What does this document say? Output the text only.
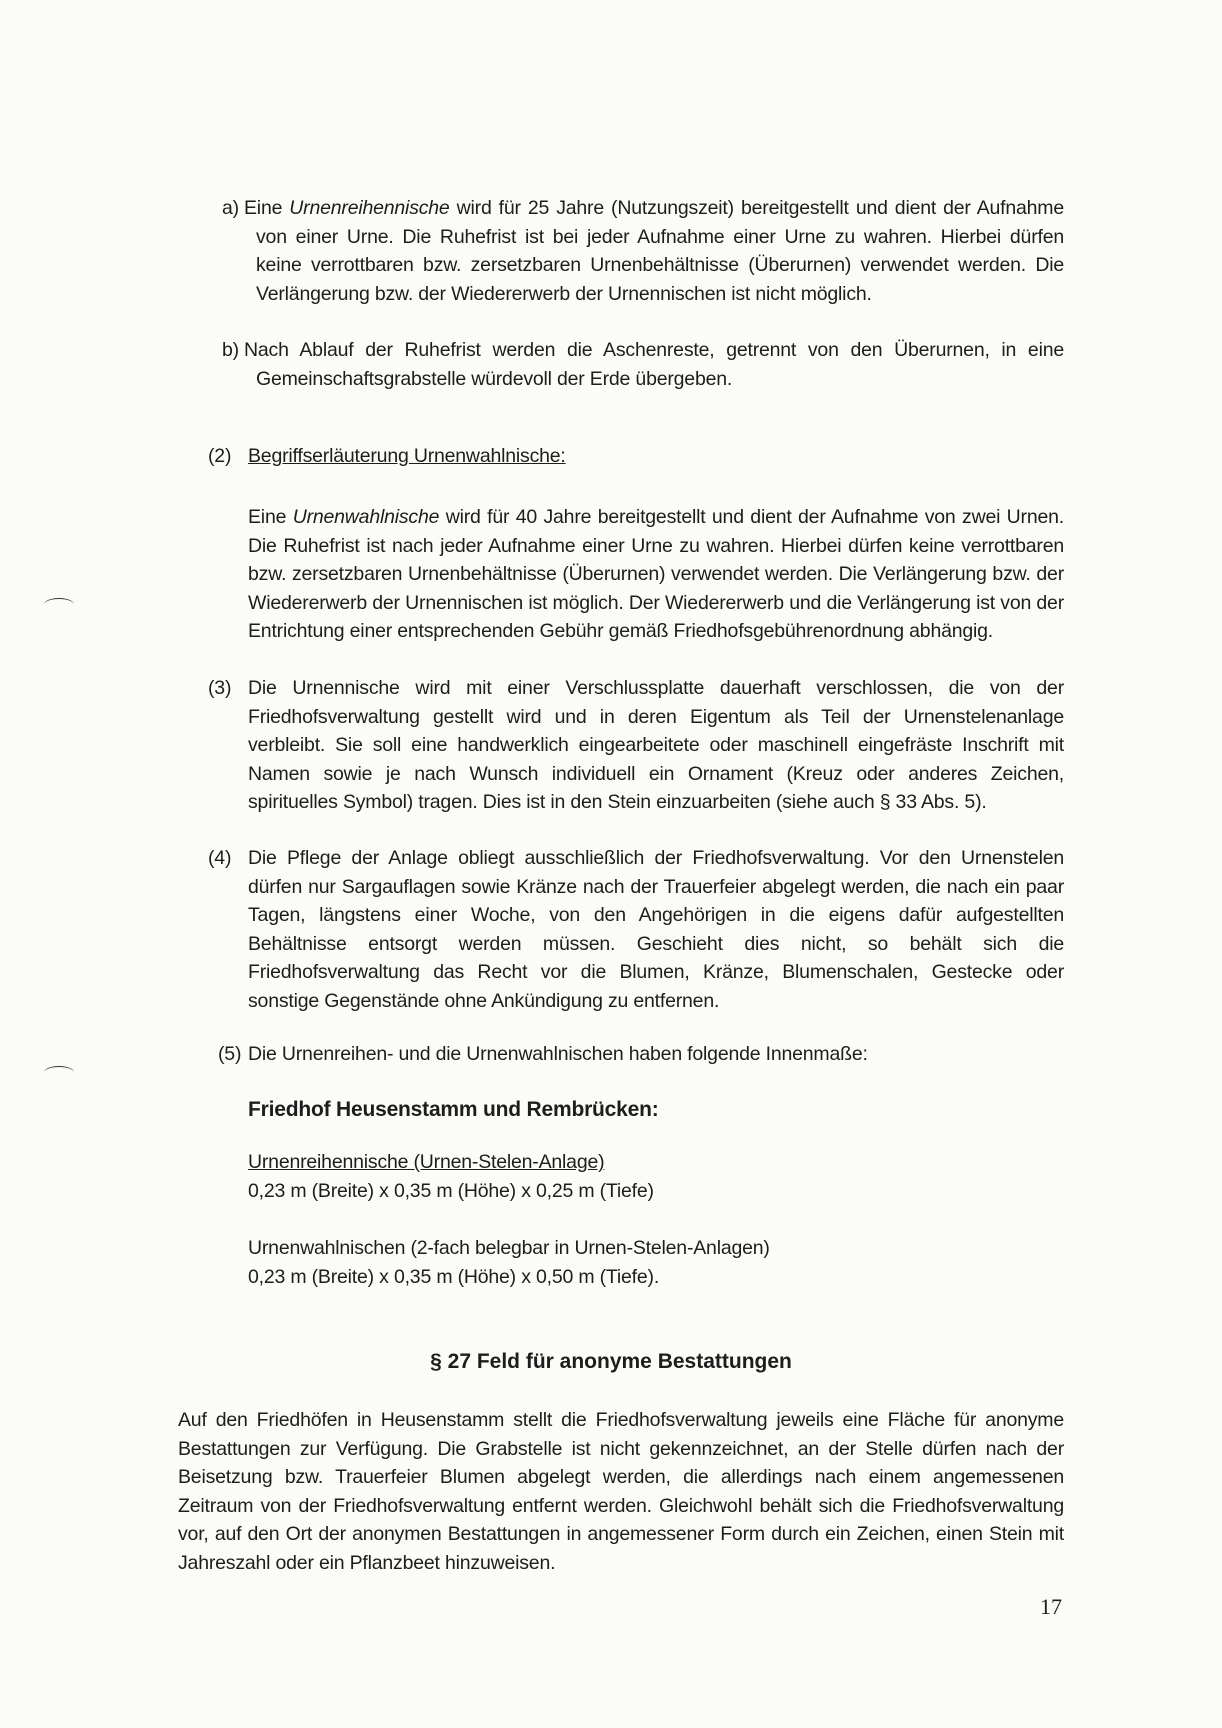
a) Eine Urnenreihennische wird für 25 Jahre (Nutzungszeit) bereitgestellt und dient der Aufnahme von einer Urne. Die Ruhefrist ist bei jeder Aufnahme einer Urne zu wahren. Hierbei dürfen keine verrottbaren bzw. zersetzbaren Urnenbehältnisse (Überurnen) verwendet werden. Die Verlängerung bzw. der Wiedererwerb der Urnennischen ist nicht möglich.
b) Nach Ablauf der Ruhefrist werden die Aschenreste, getrennt von den Überurnen, in eine Gemeinschaftsgrabstelle würdevoll der Erde übergeben.
(2) Begriffserläuterung Urnenwahlnische:
Eine Urnenwahlnische wird für 40 Jahre bereitgestellt und dient der Aufnahme von zwei Urnen. Die Ruhefrist ist nach jeder Aufnahme einer Urne zu wahren. Hierbei dürfen keine verrottbaren bzw. zersetzbaren Urnenbehältnisse (Überurnen) verwendet werden. Die Verlängerung bzw. der Wiedererwerb der Urnennischen ist möglich. Der Wiedererwerb und die Verlängerung ist von der Entrichtung einer entsprechenden Gebühr gemäß Friedhofsgebührenordnung abhängig.
(3) Die Urnennische wird mit einer Verschlussplatte dauerhaft verschlossen, die von der Friedhofsverwaltung gestellt wird und in deren Eigentum als Teil der Urnenstelenanlage verbleibt. Sie soll eine handwerklich eingearbeitete oder maschinell eingefräste Inschrift mit Namen sowie je nach Wunsch individuell ein Ornament (Kreuz oder anderes Zeichen, spirituelles Symbol) tragen. Dies ist in den Stein einzuarbeiten (siehe auch § 33 Abs. 5).
(4) Die Pflege der Anlage obliegt ausschließlich der Friedhofsverwaltung. Vor den Urnenstelen dürfen nur Sargauflagen sowie Kränze nach der Trauerfeier abgelegt werden, die nach ein paar Tagen, längstens einer Woche, von den Angehörigen in die eigens dafür aufgestellten Behältnisse entsorgt werden müssen. Geschieht dies nicht, so behält sich die Friedhofsverwaltung das Recht vor die Blumen, Kränze, Blumenschalen, Gestecke oder sonstige Gegenstände ohne Ankündigung zu entfernen.
(5) Die Urnenreihen- und die Urnenwahlnischen haben folgende Innenmaße:
Friedhof Heusenstamm und Rembrücken:
Urnenreihennische (Urnen-Stelen-Anlage)
0,23 m (Breite) x 0,35 m (Höhe) x 0,25 m (Tiefe)
Urnenwahlnischen (2-fach belegbar in Urnen-Stelen-Anlagen)
0,23 m (Breite) x 0,35 m (Höhe) x 0,50 m (Tiefe).
§ 27 Feld für anonyme Bestattungen
Auf den Friedhöfen in Heusenstamm stellt die Friedhofsverwaltung jeweils eine Fläche für anonyme Bestattungen zur Verfügung. Die Grabstelle ist nicht gekennzeichnet, an der Stelle dürfen nach der Beisetzung bzw. Trauerfeier Blumen abgelegt werden, die allerdings nach einem angemessenen Zeitraum von der Friedhofsverwaltung entfernt werden. Gleichwohl behält sich die Friedhofsverwaltung vor, auf den Ort der anonymen Bestattungen in angemessener Form durch ein Zeichen, einen Stein mit Jahreszahl oder ein Pflanzbeet hinzuweisen.
17
